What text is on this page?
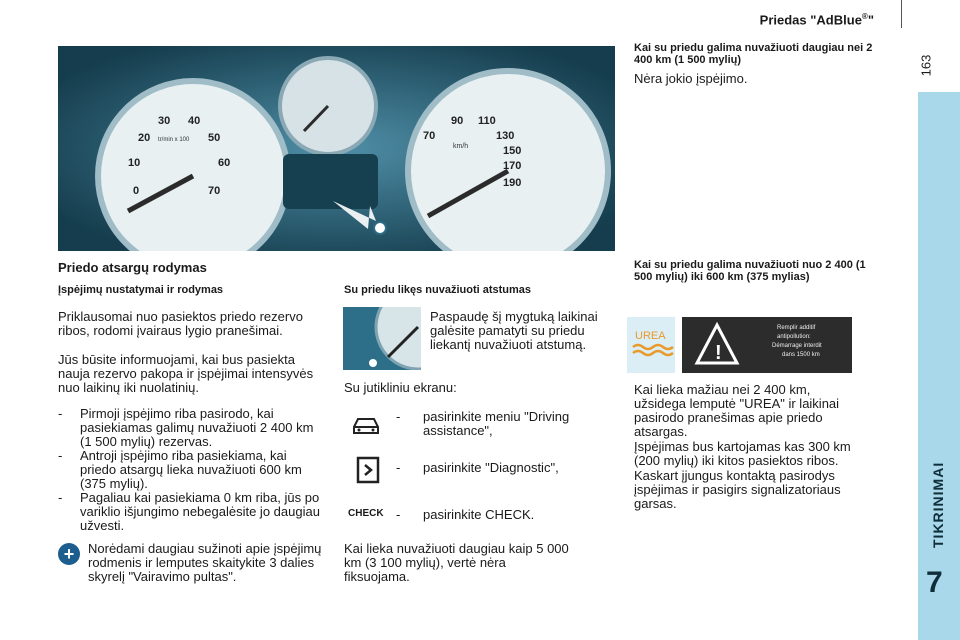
Priedas "AdBlue®"
163
TIKRINIMAI
7
0
10
20
30 40
50
60
70
70
90 110
130
150
170
190
tr/min x 100
km/h
Priedo atsargų rodymas
Įspėjimų nustatymai ir rodymas
Priklausomai nuo pasiektos priedo rezervo ribos, rodomi įvairaus lygio pranešimai.
Jūs būsite informuojami, kai bus pasiekta nauja rezervo pakopa ir įspėjimai intensyvės nuo laikinų iki nuolatinių.
- Pirmoji įspėjimo riba pasirodo, kai pasiekiamas galimų nuvažiuoti 2 400 km (1 500 mylių) rezervas.
- Antroji įspėjimo riba pasiekiama, kai priedo atsargų lieka nuvažiuoti 600 km (375 mylių).
- Pagaliau kai pasiekiama 0 km riba, jūs po variklio išjungimo nebegalėsite jo daugiau užvesti.
+	Norėdami daugiau sužinoti apie įspėjimų rodmenis ir lemputes skaitykite 3 dalies skyrelį "Vairavimo pultas".
Su priedu likęs nuvažiuoti atstumas
Paspaudę šį mygtuką laikinai galėsite pamatyti su priedu liekantį nuvažiuoti atstumą.
Su jutikliniu ekranu:
- pasirinkite meniu "Driving assistance",
- pasirinkite "Diagnostic",
CHECK - pasirinkite CHECK.
Kai lieka nuvažiuoti daugiau kaip 5 000 km (3 100 mylių), vertė nėra fiksuojama.
Kai su priedu galima nuvažiuoti daugiau nei 2 400 km (1 500 mylių)
Nėra jokio įspėjimo.
Kai su priedu galima nuvažiuoti nuo 2 400 (1 500 mylių) iki 600 km (375 mylias)
UREA
!
Remplir additif
antipollution:
Démarrage interdit
dans 1500 km
Kai lieka mažiau nei 2 400 km, užsidega lemputė "UREA" ir laikinai pasirodo pranešimas apie priedo atsargas.
Įspėjimas bus kartojamas kas 300 km (200 mylių) iki kitos pasiektos ribos.
Kaskart įjungus kontaktą pasirodys įspėjimas ir pasigirs signalizatoriaus garsas.
